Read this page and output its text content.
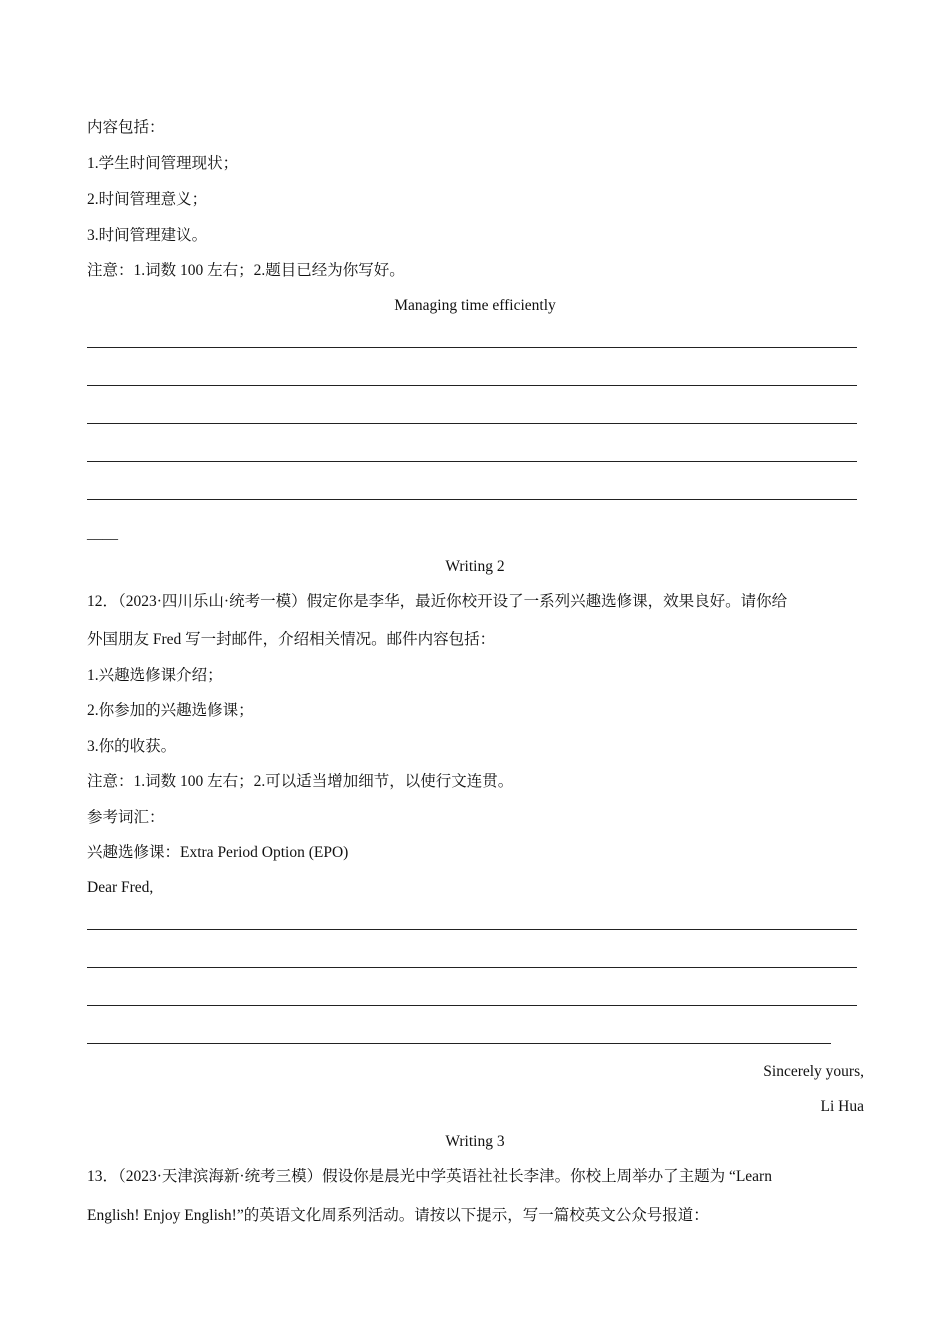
内容包括：
1.学生时间管理现状；
2.时间管理意义；
3.时间管理建议。
注意：1.词数 100 左右；2.题目已经为你写好。
Managing time efficiently
____
Writing 2
12．（2023·四川乐山·统考一模）假定你是李华，最近你校开设了一系列兴趣选修课，效果良好。请你给
外国朋友 Fred 写一封邮件，介绍相关情况。邮件内容包括：
1.兴趣选修课介绍；
2.你参加的兴趣选修课；
3.你的收获。
注意：1.词数 100 左右；2.可以适当增加细节，以使行文连贯。
参考词汇：
兴趣选修课：Extra Period Option (EPO)
Dear Fred,
Sincerely yours,
Li Hua
Writing 3
13．（2023·天津滨海新·统考三模）假设你是晨光中学英语社社长李津。你校上周举办了主题为 “Learn
English! Enjoy English!”的英语文化周系列活动。请按以下提示，写一篇校英文公众号报道：
